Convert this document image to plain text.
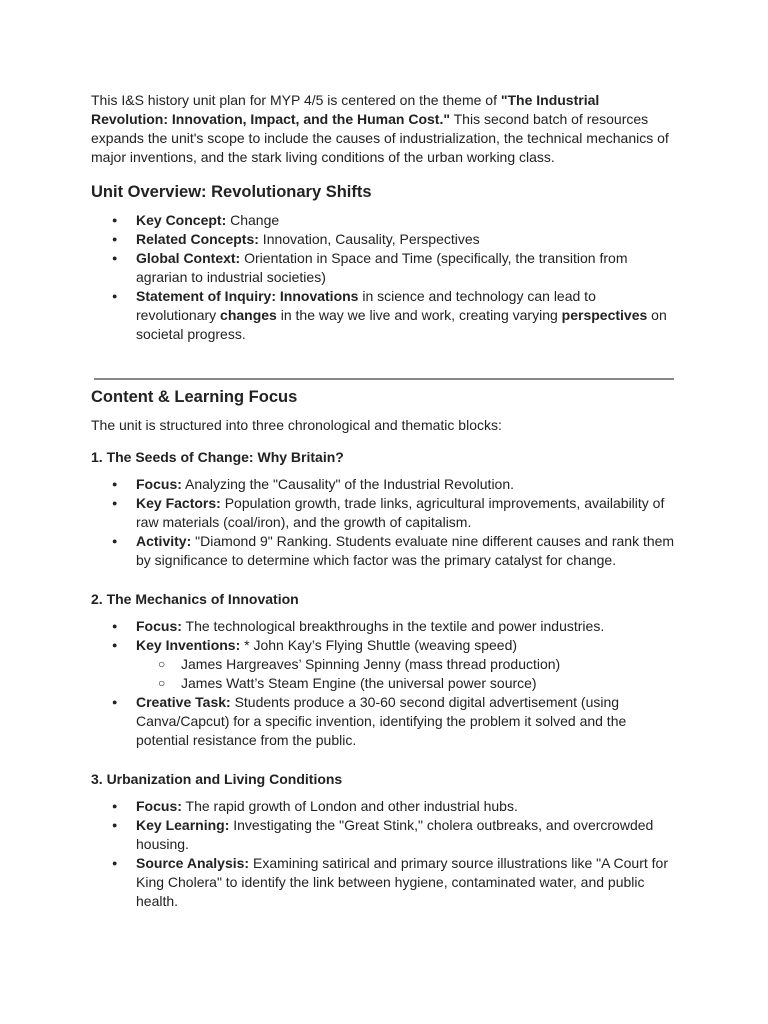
This I&S history unit plan for MYP 4/5 is centered on the theme of "The Industrial Revolution: Innovation, Impact, and the Human Cost." This second batch of resources expands the unit's scope to include the causes of industrialization, the technical mechanics of major inventions, and the stark living conditions of the urban working class.

Unit Overview: Revolutionary Shifts
● Key Concept: Change
● Related Concepts: Innovation, Causality, Perspectives
● Global Context: Orientation in Space and Time (specifically, the transition from agrarian to industrial societies)
● Statement of Inquiry: Innovations in science and technology can lead to revolutionary changes in the way we live and work, creating varying perspectives on societal progress.
Content & Learning Focus

The unit is structured into three chronological and thematic blocks:

1. The Seeds of Change: Why Britain?
● Focus: Analyzing the "Causality" of the Industrial Revolution.
● Key Factors: Population growth, trade links, agricultural improvements, availability of raw materials (coal/iron), and the growth of capitalism.
● Activity: "Diamond 9" Ranking. Students evaluate nine different causes and rank them by significance to determine which factor was the primary catalyst for change.
2. The Mechanics of Innovation
● Focus: The technological breakthroughs in the textile and power industries.
● Key Inventions: * John Kay’s Flying Shuttle (weaving speed)
○ James Hargreaves’ Spinning Jenny (mass thread production)
○ James Watt’s Steam Engine (the universal power source)
● Creative Task: Students produce a 30-60 second digital advertisement (using Canva/Capcut) for a specific invention, identifying the problem it solved and the potential resistance from the public.
3. Urbanization and Living Conditions
● Focus: The rapid growth of London and other industrial hubs.
● Key Learning: Investigating the "Great Stink," cholera outbreaks, and overcrowded housing.
● Source Analysis: Examining satirical and primary source illustrations like "A Court for King Cholera" to identify the link between hygiene, contaminated water, and public health.
